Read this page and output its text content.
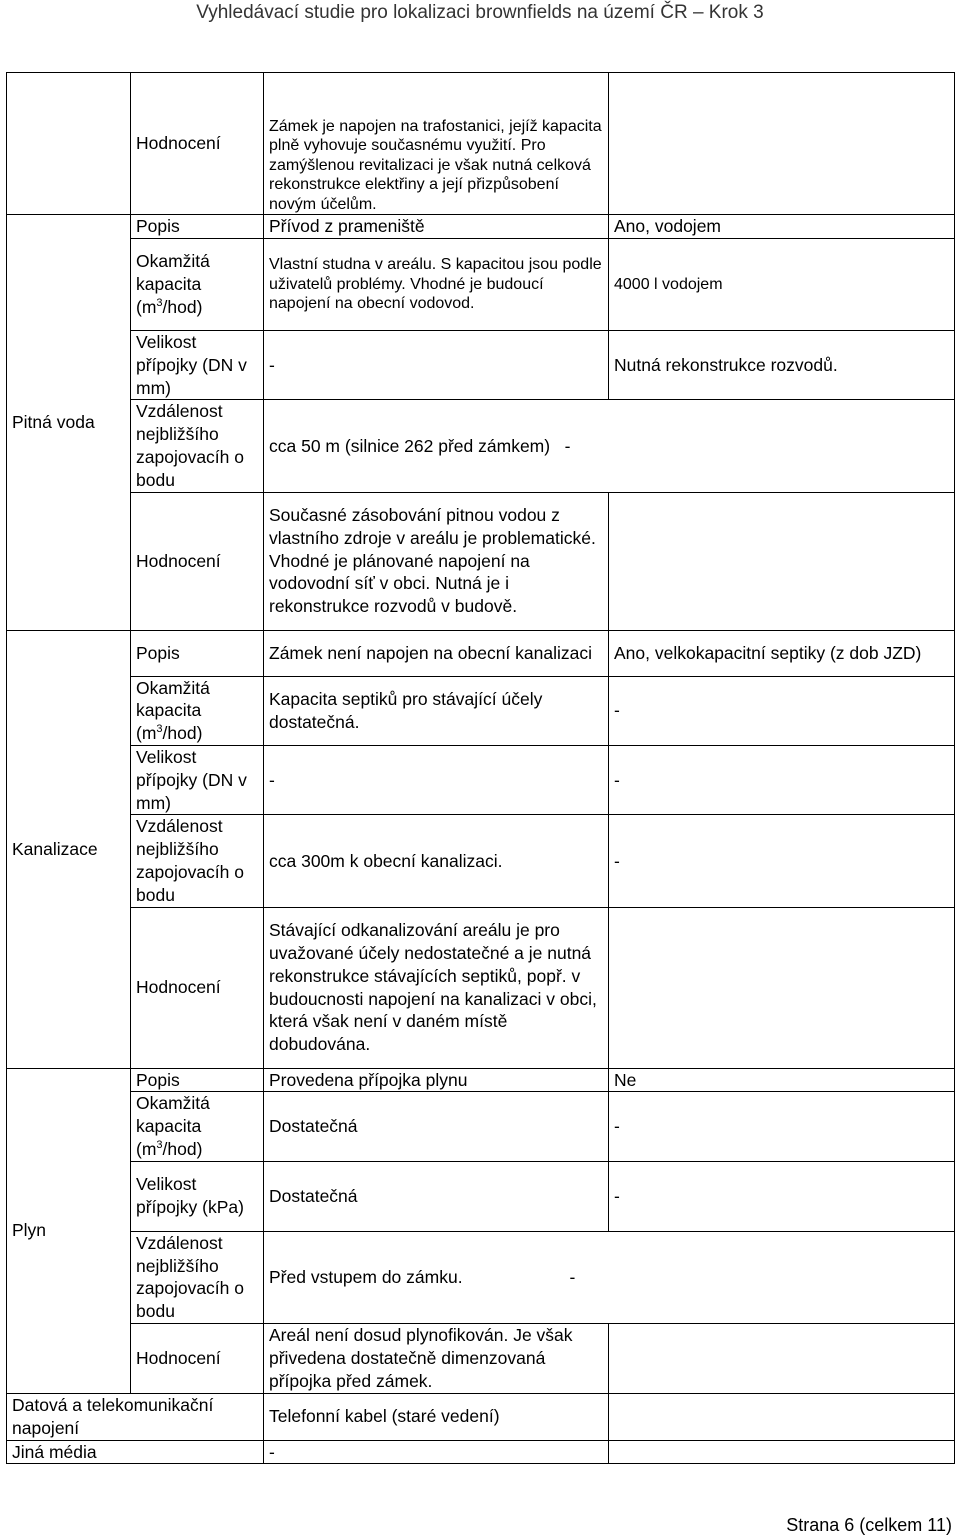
Vyhledávací studie pro lokalizaci brownfields na území ČR – Krok 3
	Hodnocení	Zámek je napojen na trafostanici, jejíž kapacita plně vyhovuje současnému využití. Pro zamýšlenou revitalizaci je však nutná celková rekonstrukce elektřiny a její přizpůsobení novým účelům.	
Pitná voda	Popis	Přívod z prameniště	Ano, vodojem
	Okamžitá kapacita $(m^3/hod)$	Vlastní studna v areálu. S kapacitou jsou podle uživatelů problémy. Vhodné je budoucí napojení na obecní vodovod.	4000 l vodojem
	Velikost přípojky (DN v mm)	-	Nutná rekonstrukce rozvodů.
	Vzdálenost nejbližšího zapojovacíh o bodu	cca 50 m (silnice 262 před zámkem) -	
	Hodnocení	Současné zásobování pitnou vodou z vlastního zdroje v areálu je problematické. Vhodné je plánované napojení na vodovodní síť v obci. Nutná je i rekonstrukce rozvodů v budově.	
Kanalizace	Popis	Zámek není napojen na obecní kanalizaci	Ano, velkokapacitní septiky (z dob JZD)
	Okamžitá kapacita $(m^3/hod)$	Kapacita septiků pro stávající účely dostatečná.	-
	Velikost přípojky (DN v mm)	-	-
	Vzdálenost nejbližšího zapojovacíh o bodu	cca 300m k obecní kanalizaci.	-
	Hodnocení	Stávající odkanalizování areálu je pro uvažované účely nedostatečné a je nutná rekonstrukce stávajících septiků, popř. v budoucnosti napojení na kanalizaci v obci, která však není v daném místě dobudována.	
Plyn	Popis	Provedena přípojka plynu	Ne
	Okamžitá kapacita $(m^3/hod)$	Dostatečná	-
	Velikost přípojky (kPa)	Dostatečná	-
	Vzdálenost nejbližšího zapojovacíh o bodu	Před vstupem do zámku. -	
	Hodnocení	Areál není dosud plynofikován. Je však přivedena dostatečně dimenzovaná přípojka před zámek.	
Datová a telekomunikační napojení		Telefonní kabel (staré vedení)	
Jiná média		-	
Strana 6 (celkem 11)
